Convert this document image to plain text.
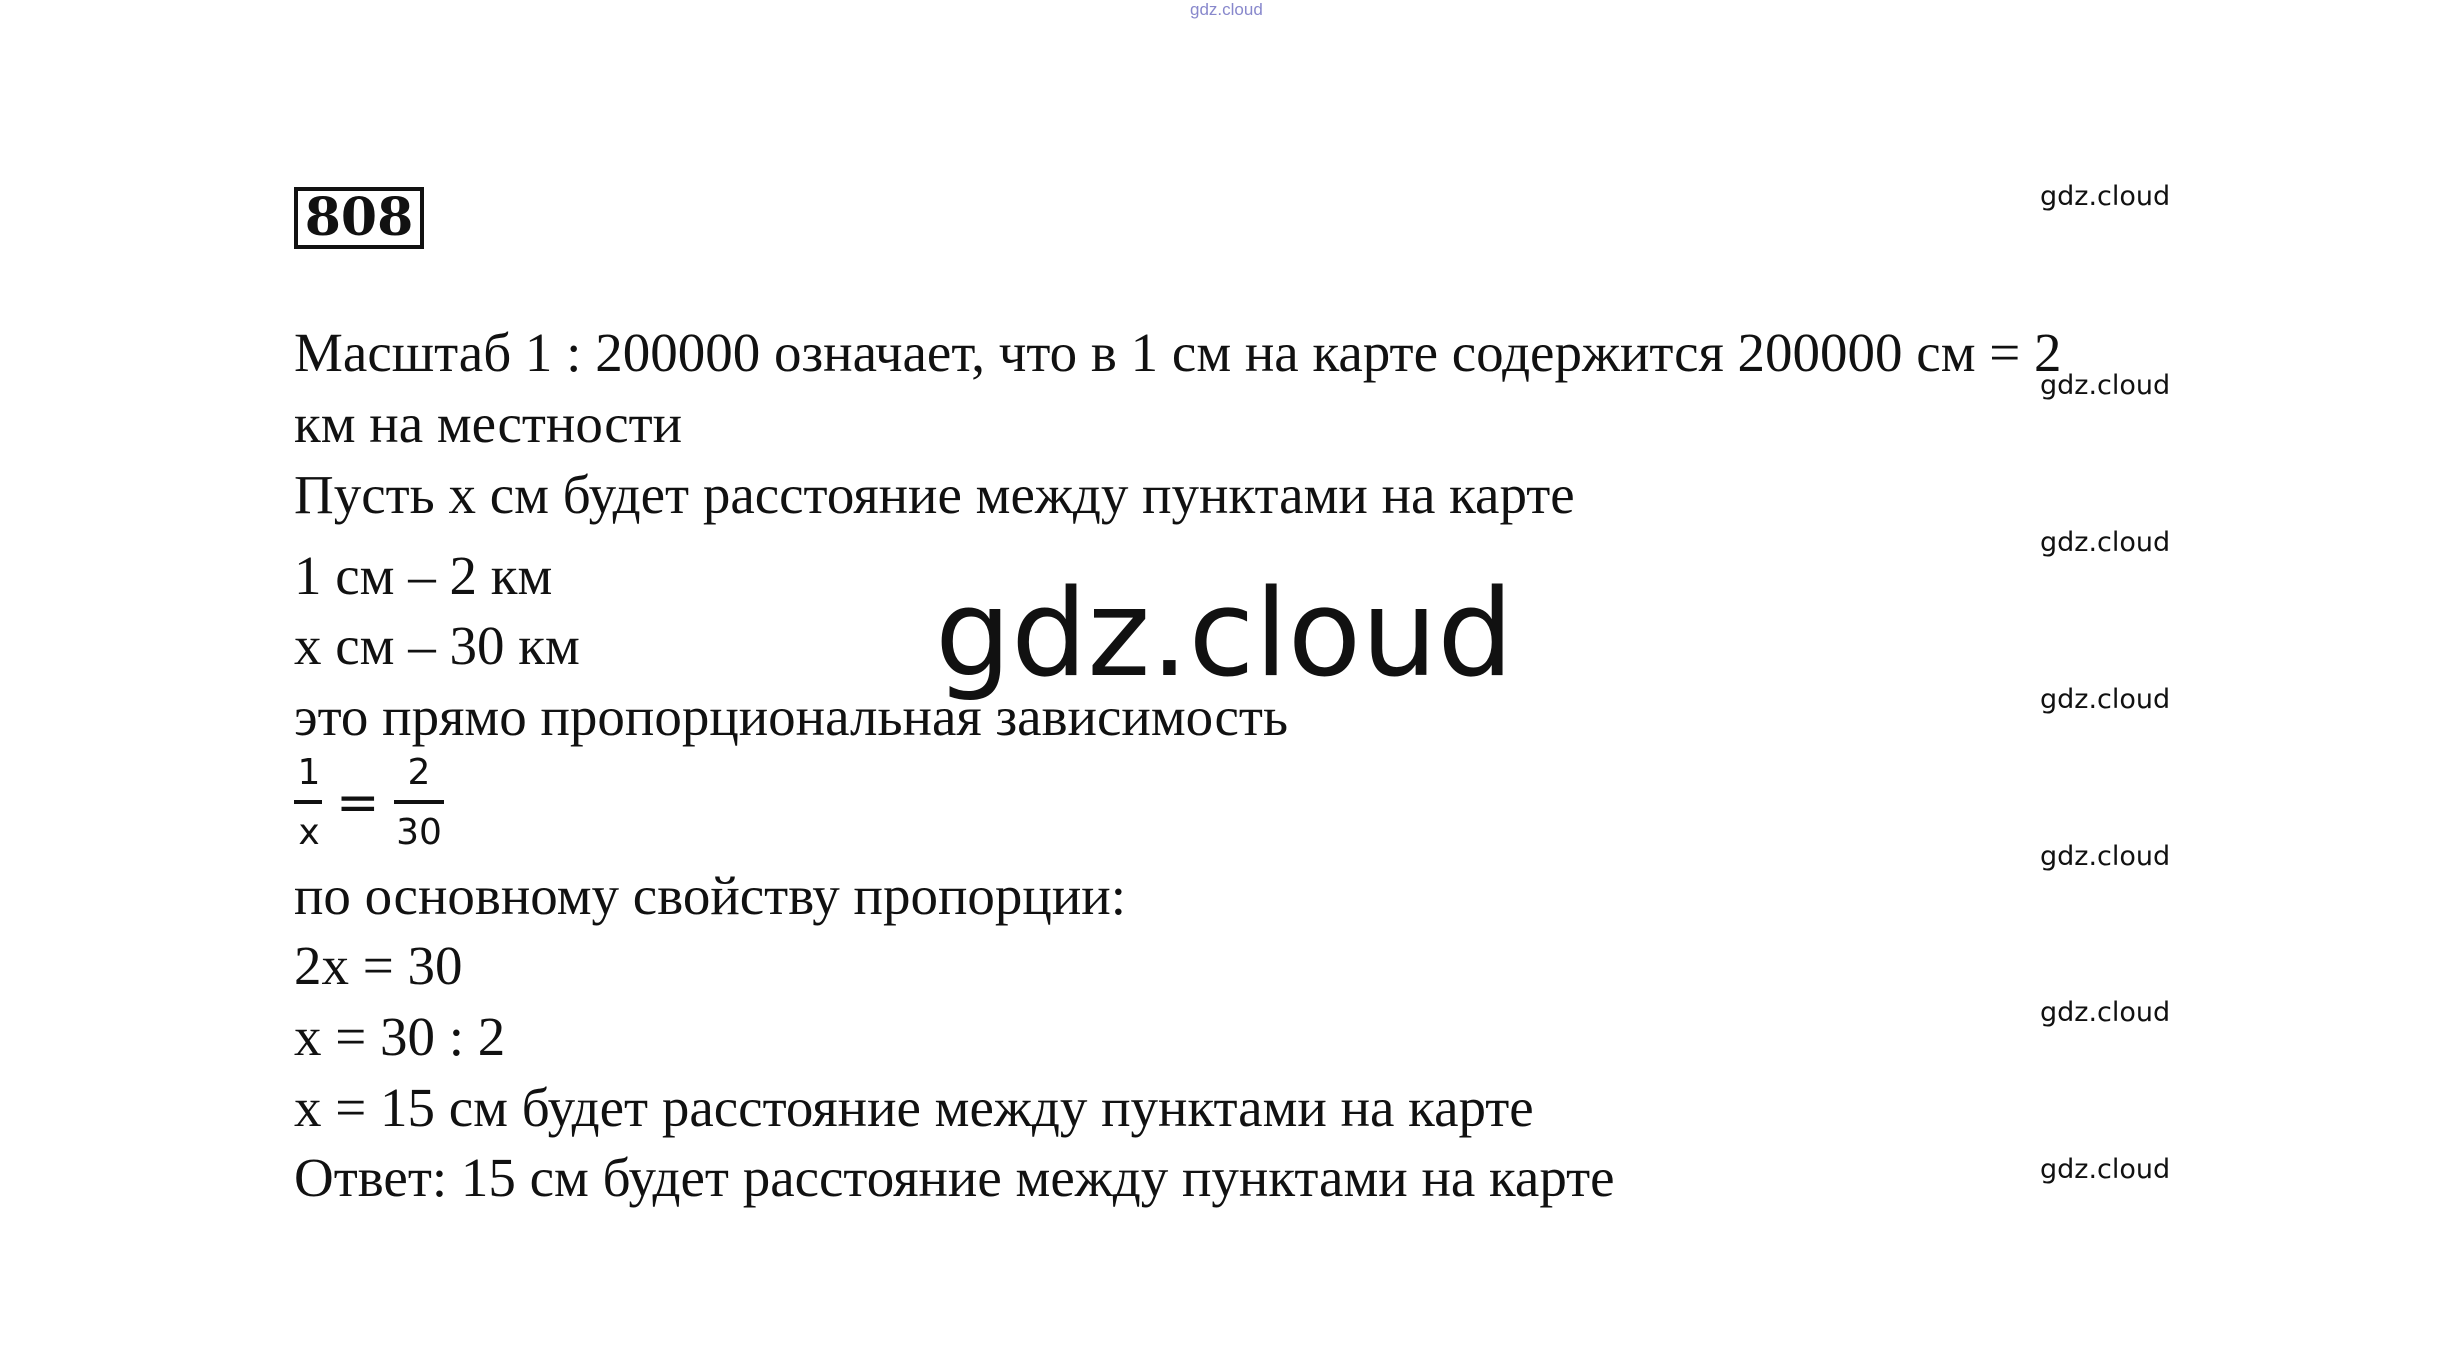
gdz.cloud
808
Масштаб 1 : 200000 означает, что в 1 см на карте содержится 200000 см = 2
км на местности
Пусть х см будет расстояние между пунктами на карте
1 см – 2 км
х см – 30 км
это прямо пропорциональная зависимость
1
x =
2
30
по основному свойству пропорции:
2х = 30
х = 30 : 2
х = 15 см будет расстояние между пунктами на карте
Ответ: 15 см будет расстояние между пунктами на карте
gdz.cloud
gdz.cloud
gdz.cloud
gdz.cloud
gdz.cloud
gdz.cloud
gdz.cloud
gdz.cloud
